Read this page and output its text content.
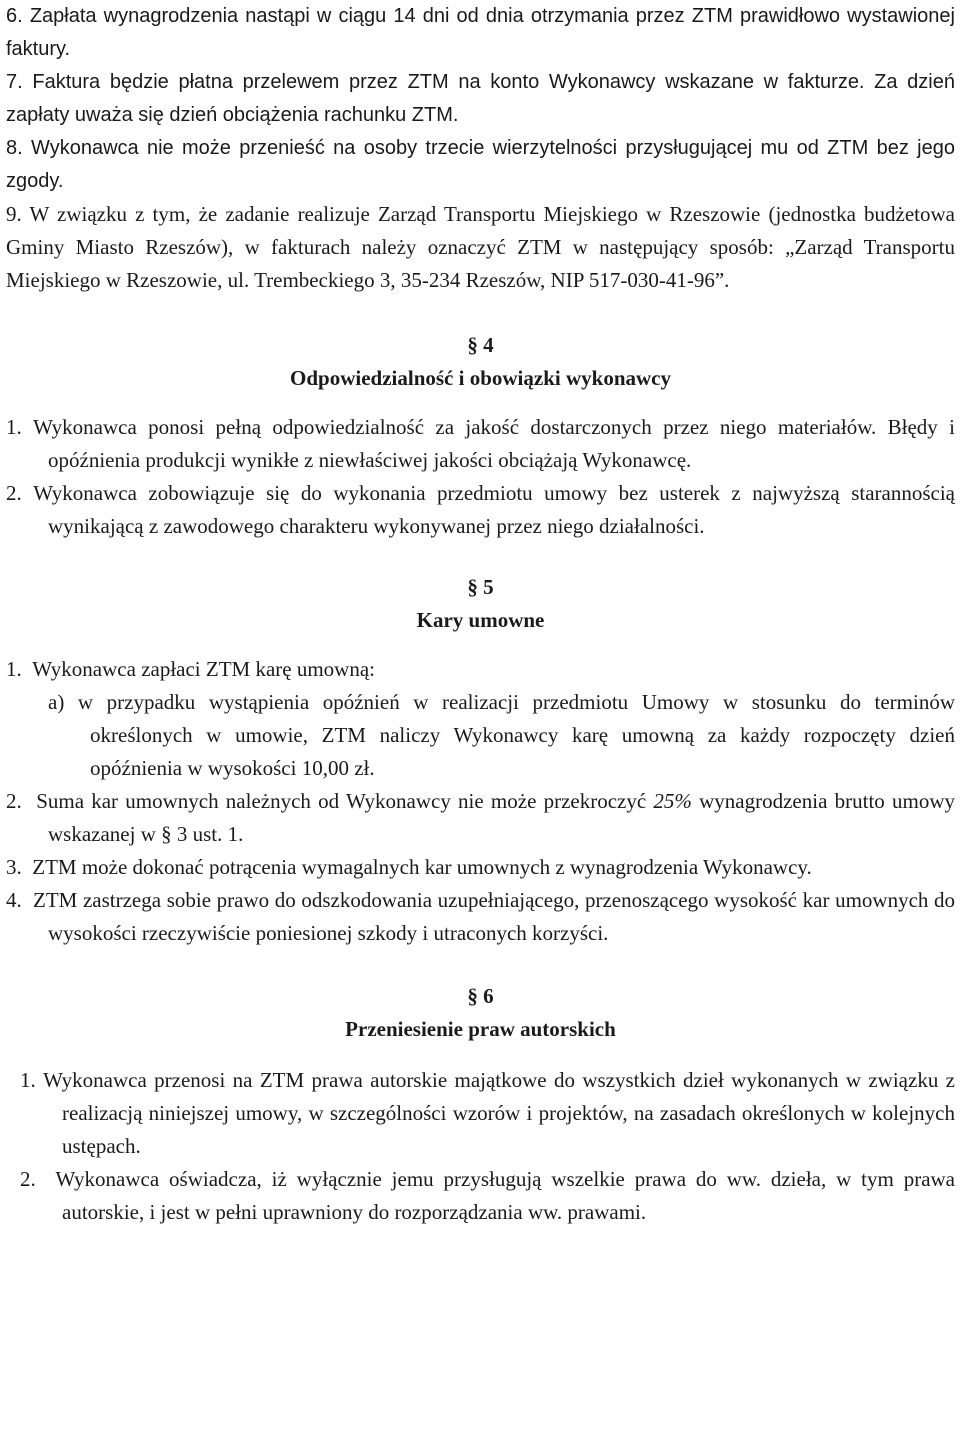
6. Zapłata wynagrodzenia nastąpi w ciągu 14 dni od dnia otrzymania przez ZTM prawidłowo wystawionej faktury.

7. Faktura będzie płatna przelewem przez ZTM na konto Wykonawcy wskazane w fakturze. Za dzień zapłaty uważa się dzień obciążenia rachunku ZTM.

8. Wykonawca nie może przenieść na osoby trzecie wierzytelności przysługującej mu od ZTM bez jego zgody.

9. W związku z tym, że zadanie realizuje Zarząd Transportu Miejskiego w Rzeszowie (jednostka budżetowa Gminy Miasto Rzeszów), w fakturach należy oznaczyć ZTM w następujący sposób: „Zarząd Transportu Miejskiego w Rzeszowie, ul. Trembeckiego 3, 35-234 Rzeszów, NIP 517-030-41-96”.

§ 4
Odpowiedzialność i obowiązki wykonawcy
1. Wykonawca ponosi pełną odpowiedzialność za jakość dostarczonych przez niego materiałów. Błędy i opóźnienia produkcji wynikłe z niewłaściwej jakości obciążają Wykonawcę.
2. Wykonawca zobowiązuje się do wykonania przedmiotu umowy bez usterek z najwyższą starannością wynikającą z zawodowego charakteru wykonywanej przez niego działalności.
§ 5
Kary umowne
1. Wykonawca zapłaci ZTM karę umowną:
a) w przypadku wystąpienia opóźnień w realizacji przedmiotu Umowy w stosunku do terminów określonych w umowie, ZTM naliczy Wykonawcy karę umowną za każdy rozpoczęty dzień opóźnienia w wysokości 10,00 zł.
2. Suma kar umownych należnych od Wykonawcy nie może przekroczyć 25% wynagrodzenia brutto umowy wskazanej w § 3 ust. 1.
3. ZTM może dokonać potrącenia wymagalnych kar umownych z wynagrodzenia Wykonawcy.
4. ZTM zastrzega sobie prawo do odszkodowania uzupełniającego, przenoszącego wysokość kar umownych do wysokości rzeczywiście poniesionej szkody i utraconych korzyści.
§ 6
Przeniesienie praw autorskich
1. Wykonawca przenosi na ZTM prawa autorskie majątkowe do wszystkich dzieł wykonanych w związku z realizacją niniejszej umowy, w szczególności wzorów i projektów, na zasadach określonych w kolejnych ustępach.
2. Wykonawca oświadcza, iż wyłącznie jemu przysługują wszelkie prawa do ww. dzieła, w tym prawa autorskie, i jest w pełni uprawniony do rozporządzania ww. prawami.
